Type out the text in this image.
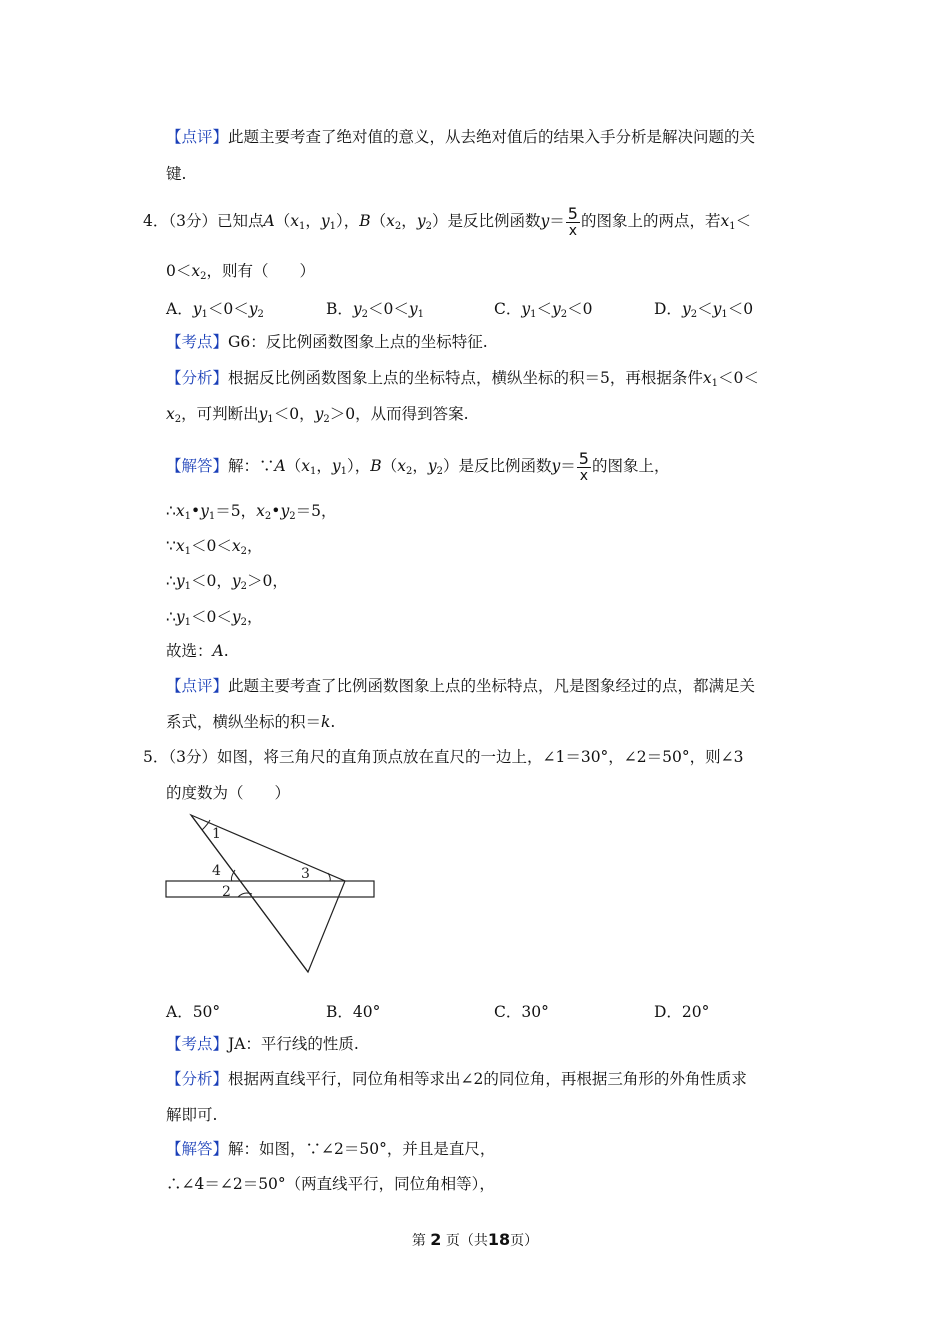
【点评】此题主要考查了绝对值的意义，从去绝对值后的结果入手分析是解决问题的关
键.
4．（3分）已知点$A(x_1$，$y_1$），$B(x_2$，$y_2$）是反比例函数$y= \frac{5}{x}$ 的图象上的两点，若$x_1<$
$0<x_2$，则有（　　）
A．$y_1<0<y_2$	B．$y_2<0<y_1$	C．$y_1<y_2<0$	D．$y_2<y_1<0$
【考点】G6：反比例函数图象上点的坐标特征.
【分析】根据反比例函数图象上点的坐标特点，横纵坐标的积＝5，再根据条件$x_1<0<$
$x_2$，可判断出$y_1<0$，$y_2>0$，从而得到答案.
【解答】解：$\because A(x_1$，$y_1$），$B(x_2$，$y_2$）是反比例函数$y= \frac{5}{x}$ 的图象上，
$\therefore x_1•y_1=5$，$x_2•y_2=5$，
$\because x_1<0<x_2$，
$\therefore y_1<0$，$y_2>0$，
$\therefore y_1<0<y_2$，
故选：A.
【点评】此题主要考查了比例函数图象上点的坐标特点，凡是图象经过的点，都满足关
系式，横纵坐标的积＝k.
5．（3分）如图，将三角尺的直角顶点放在直尺的一边上，∠1＝30°，∠2＝50°，则∠3
的度数为（　　）
1
2
3
4
A．50°	B．40°	C．30°	D．20°
【考点】JA：平行线的性质.
【分析】根据两直线平行，同位角相等求出∠2的同位角，再根据三角形的外角性质求
解即可.
【解答】解：如图，∵∠2＝50°，并且是直尺，
∴∠4＝∠2＝50°（两直线平行，同位角相等），
第 2 页（共18页）
